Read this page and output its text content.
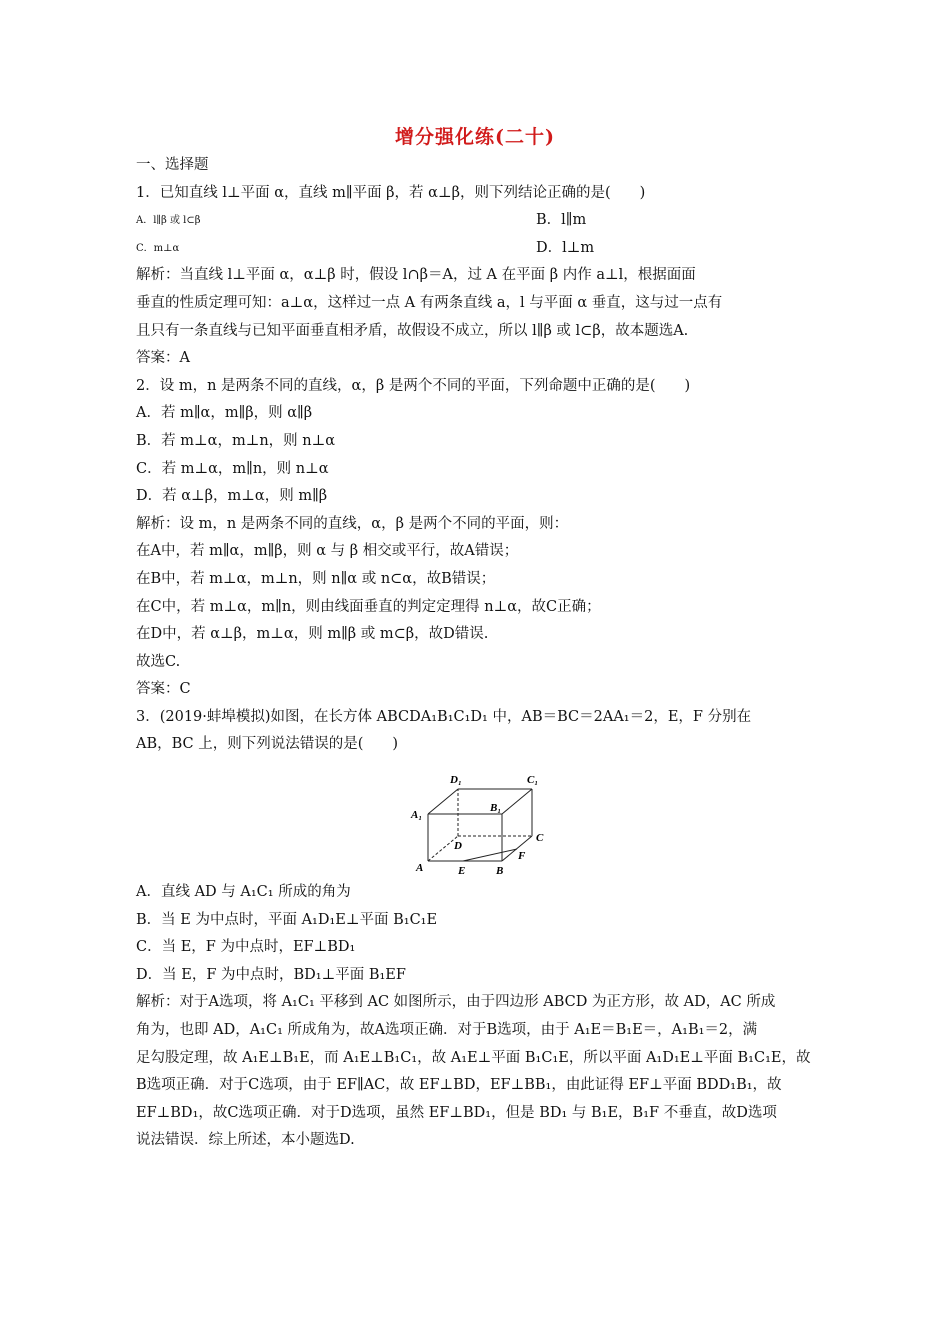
增分强化练(二十)
一、选择题
1．已知直线 l⊥平面 α，直线 m∥平面 β，若 α⊥β，则下列结论正确的是(　　)
A．l∥β 或 l⊂β	B．l∥m
C．m⊥α	D．l⊥m
解析：当直线 l⊥平面 α，α⊥β 时，假设 l∩β＝A，过 A 在平面 β 内作 a⊥l，根据面面
垂直的性质定理可知：a⊥α，这样过一点 A 有两条直线 a，l 与平面 α 垂直，这与过一点有
且只有一条直线与已知平面垂直相矛盾，故假设不成立，所以 l∥β 或 l⊂β，故本题选A.
答案：A
2．设 m，n 是两条不同的直线，α，β 是两个不同的平面，下列命题中正确的是(　　)
A．若 m∥α，m∥β，则 α∥β
B．若 m⊥α，m⊥n，则 n⊥α
C．若 m⊥α，m∥n，则 n⊥α
D．若 α⊥β，m⊥α，则 m∥β
解析：设 m，n 是两条不同的直线，α，β 是两个不同的平面，则：
在A中，若 m∥α，m∥β，则 α 与 β 相交或平行，故A错误；
在B中，若 m⊥α，m⊥n，则 n∥α 或 n⊂α，故B错误；
在C中，若 m⊥α，m∥n，则由线面垂直的判定定理得 n⊥α，故C正确；
在D中，若 α⊥β，m⊥α，则 m∥β 或 m⊂β，故D错误.
故选C.
答案：C
3．(2019·蚌埠模拟)如图，在长方体 ABCDA₁B₁C₁D₁ 中，AB＝BC＝2AA₁＝2，E，F 分别在
AB，BC 上，则下列说法错误的是(　　)
D₁	C₁
A₁
B₁
D
C
A	E	B
F
A．直线 AD 与 A₁C₁ 所成的角为
B．当 E 为中点时，平面 A₁D₁E⊥平面 B₁C₁E
C．当 E，F 为中点时，EF⊥BD₁
D．当 E，F 为中点时，BD₁⊥平面 B₁EF
解析：对于A选项，将 A₁C₁ 平移到 AC 如图所示，由于四边形 ABCD 为正方形，故 AD，AC 所成
角为，也即 AD，A₁C₁ 所成角为，故A选项正确．对于B选项，由于 A₁E＝B₁E＝，A₁B₁＝2，满
足勾股定理，故 A₁E⊥B₁E，而 A₁E⊥B₁C₁，故 A₁E⊥平面 B₁C₁E，所以平面 A₁D₁E⊥平面 B₁C₁E，故
B选项正确．对于C选项，由于 EF∥AC，故 EF⊥BD，EF⊥BB₁，由此证得 EF⊥平面 BDD₁B₁，故
EF⊥BD₁，故C选项正确．对于D选项，虽然 EF⊥BD₁，但是 BD₁ 与 B₁E，B₁F 不垂直，故D选项
说法错误．综上所述，本小题选D.
